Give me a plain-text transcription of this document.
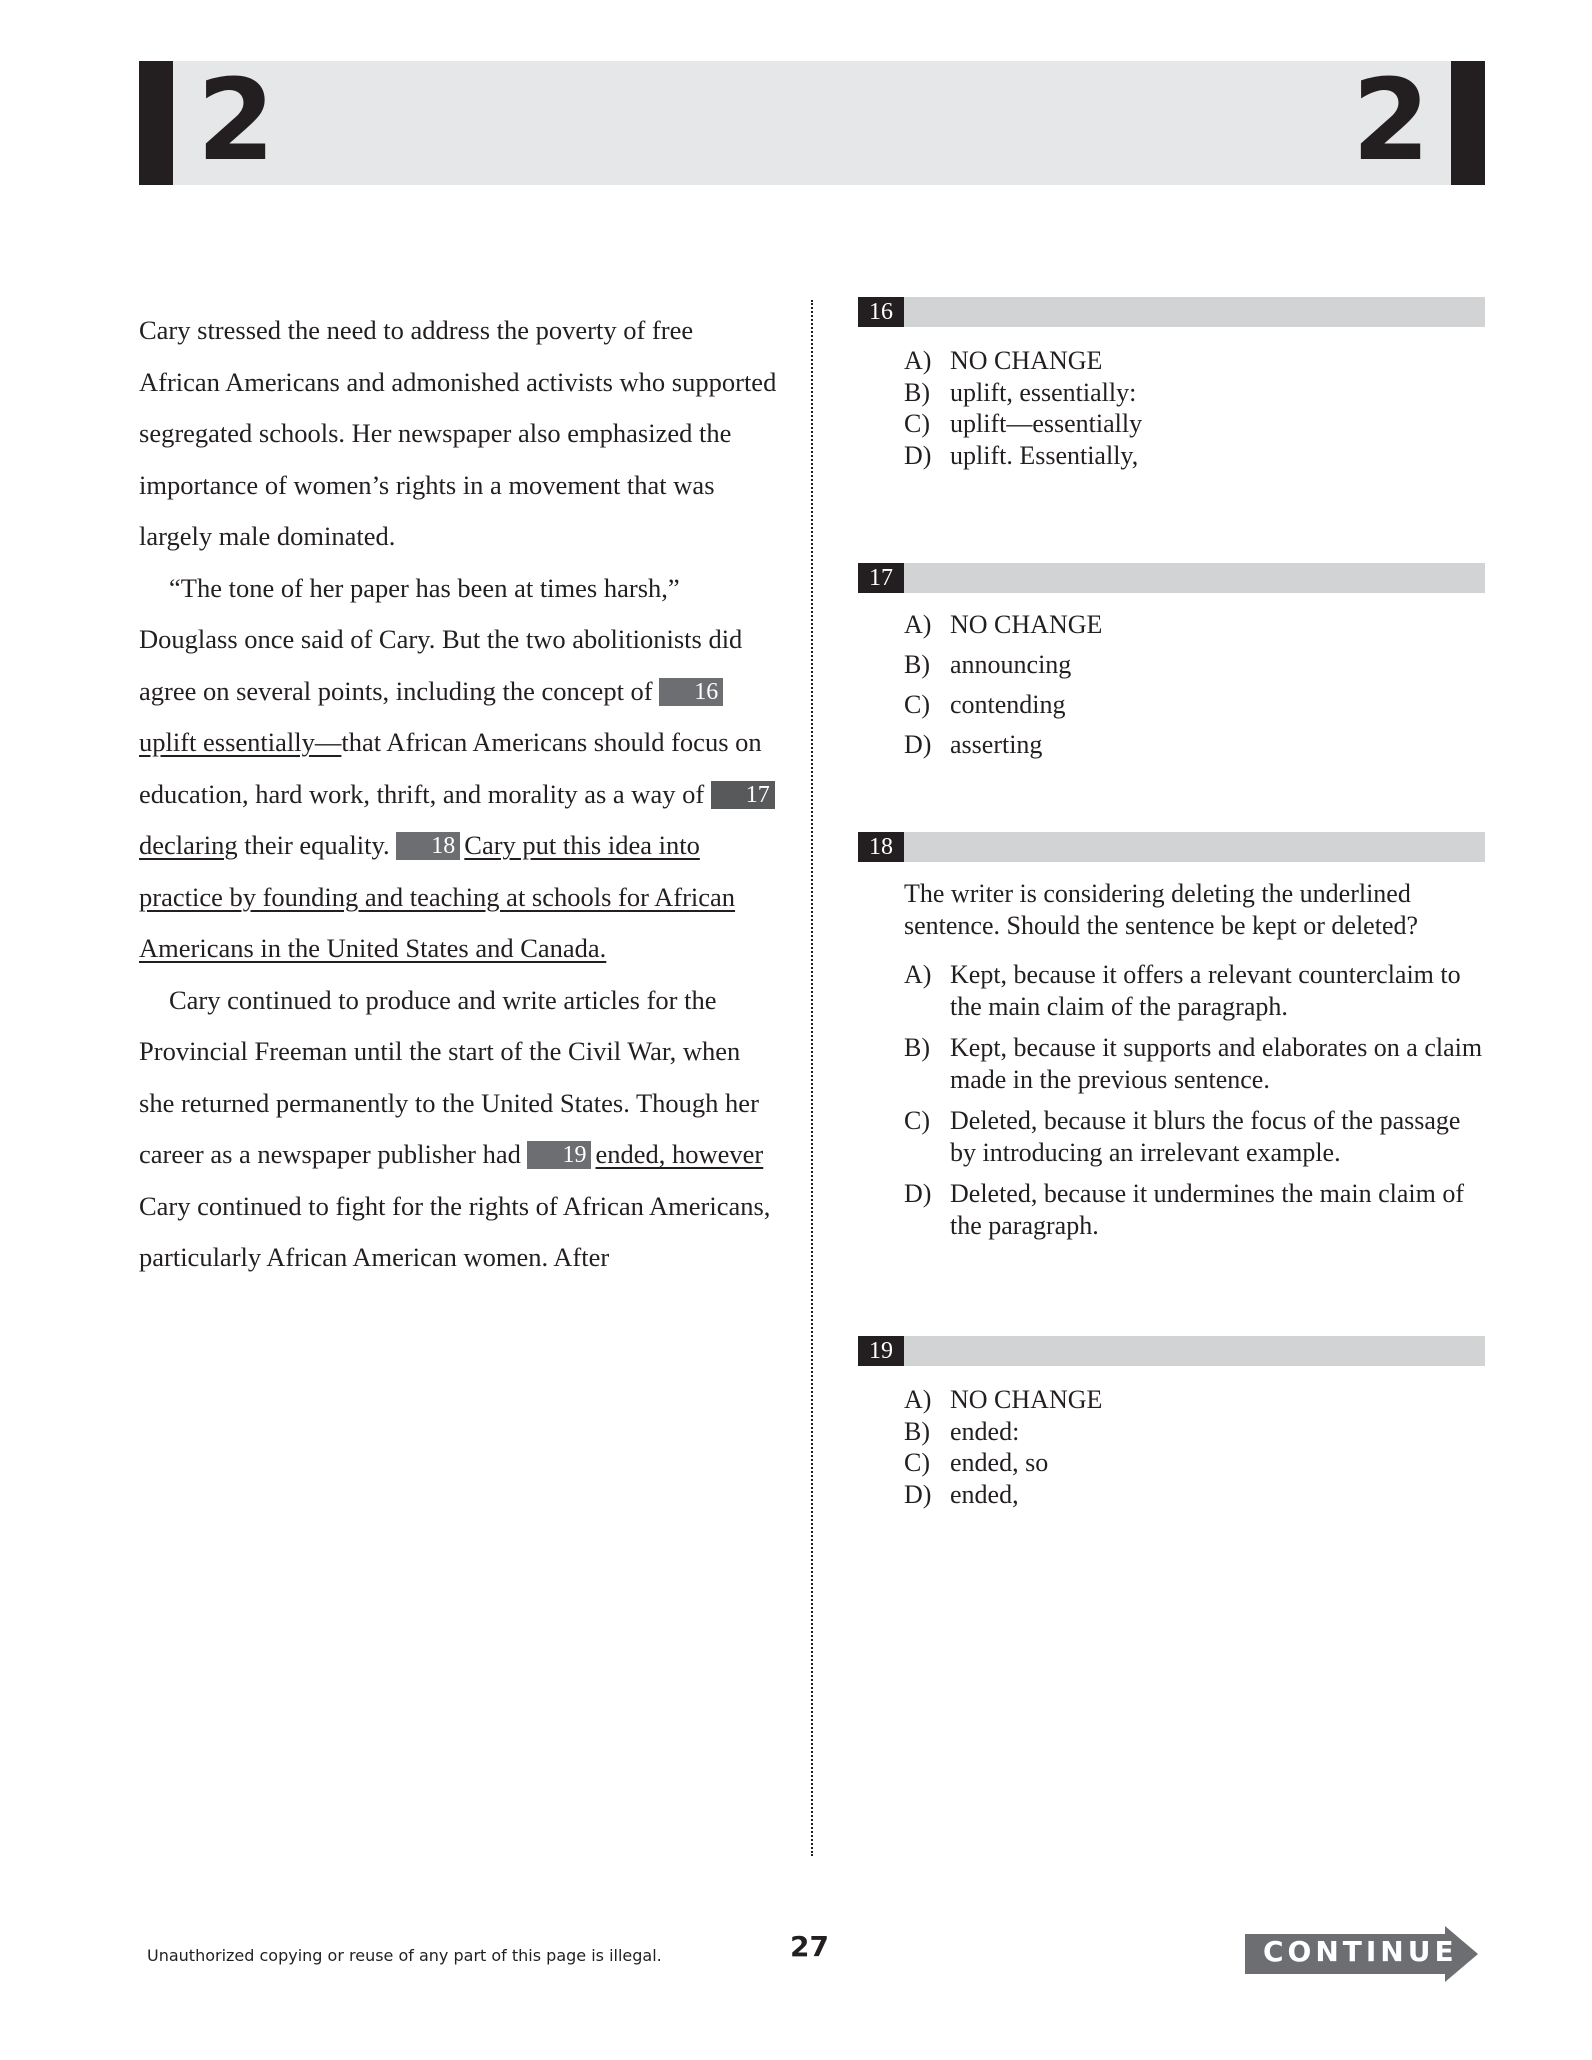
2	2

Cary stressed the need to address the poverty of free African Americans and admonished activists who supported segregated schools. Her newspaper also emphasized the importance of women’s rights in a movement that was largely male dominated.

“The tone of her paper has been at times harsh,” Douglass once said of Cary. But the two abolitionists did agree on several points, including the concept of 16uplift essentially—that African Americans should focus on education, hard work, thrift, and morality as a way of 17declaring their equality. 18 Cary put this idea into practice by founding and teaching at schools for African Americans in the United States and Canada.

Cary continued to produce and write articles for the Provincial Freeman until the start of the Civil War, when she returned permanently to the United States. Though her career as a newspaper publisher had 19 ended, however Cary continued to fight for the rights of African Americans, particularly African American women. After

16
A) NO CHANGE
B) uplift, essentially:
C) uplift—essentially
D) uplift. Essentially,
17
A) NO CHANGE
B) announcing
C) contending
D) asserting
18
The writer is considering deleting the underlined sentence. Should the sentence be kept or deleted?
A) Kept, because it offers a relevant counterclaim to the main claim of the paragraph.
B) Kept, because it supports and elaborates on a claim made in the previous sentence.
C) Deleted, because it blurs the focus of the passage by introducing an irrelevant example.
D) Deleted, because it undermines the main claim of the paragraph.
19
A) NO CHANGE
B) ended:
C) ended, so
D) ended,
Unauthorized copying or reuse of any part of this page is illegal.	27	CONTINUE
